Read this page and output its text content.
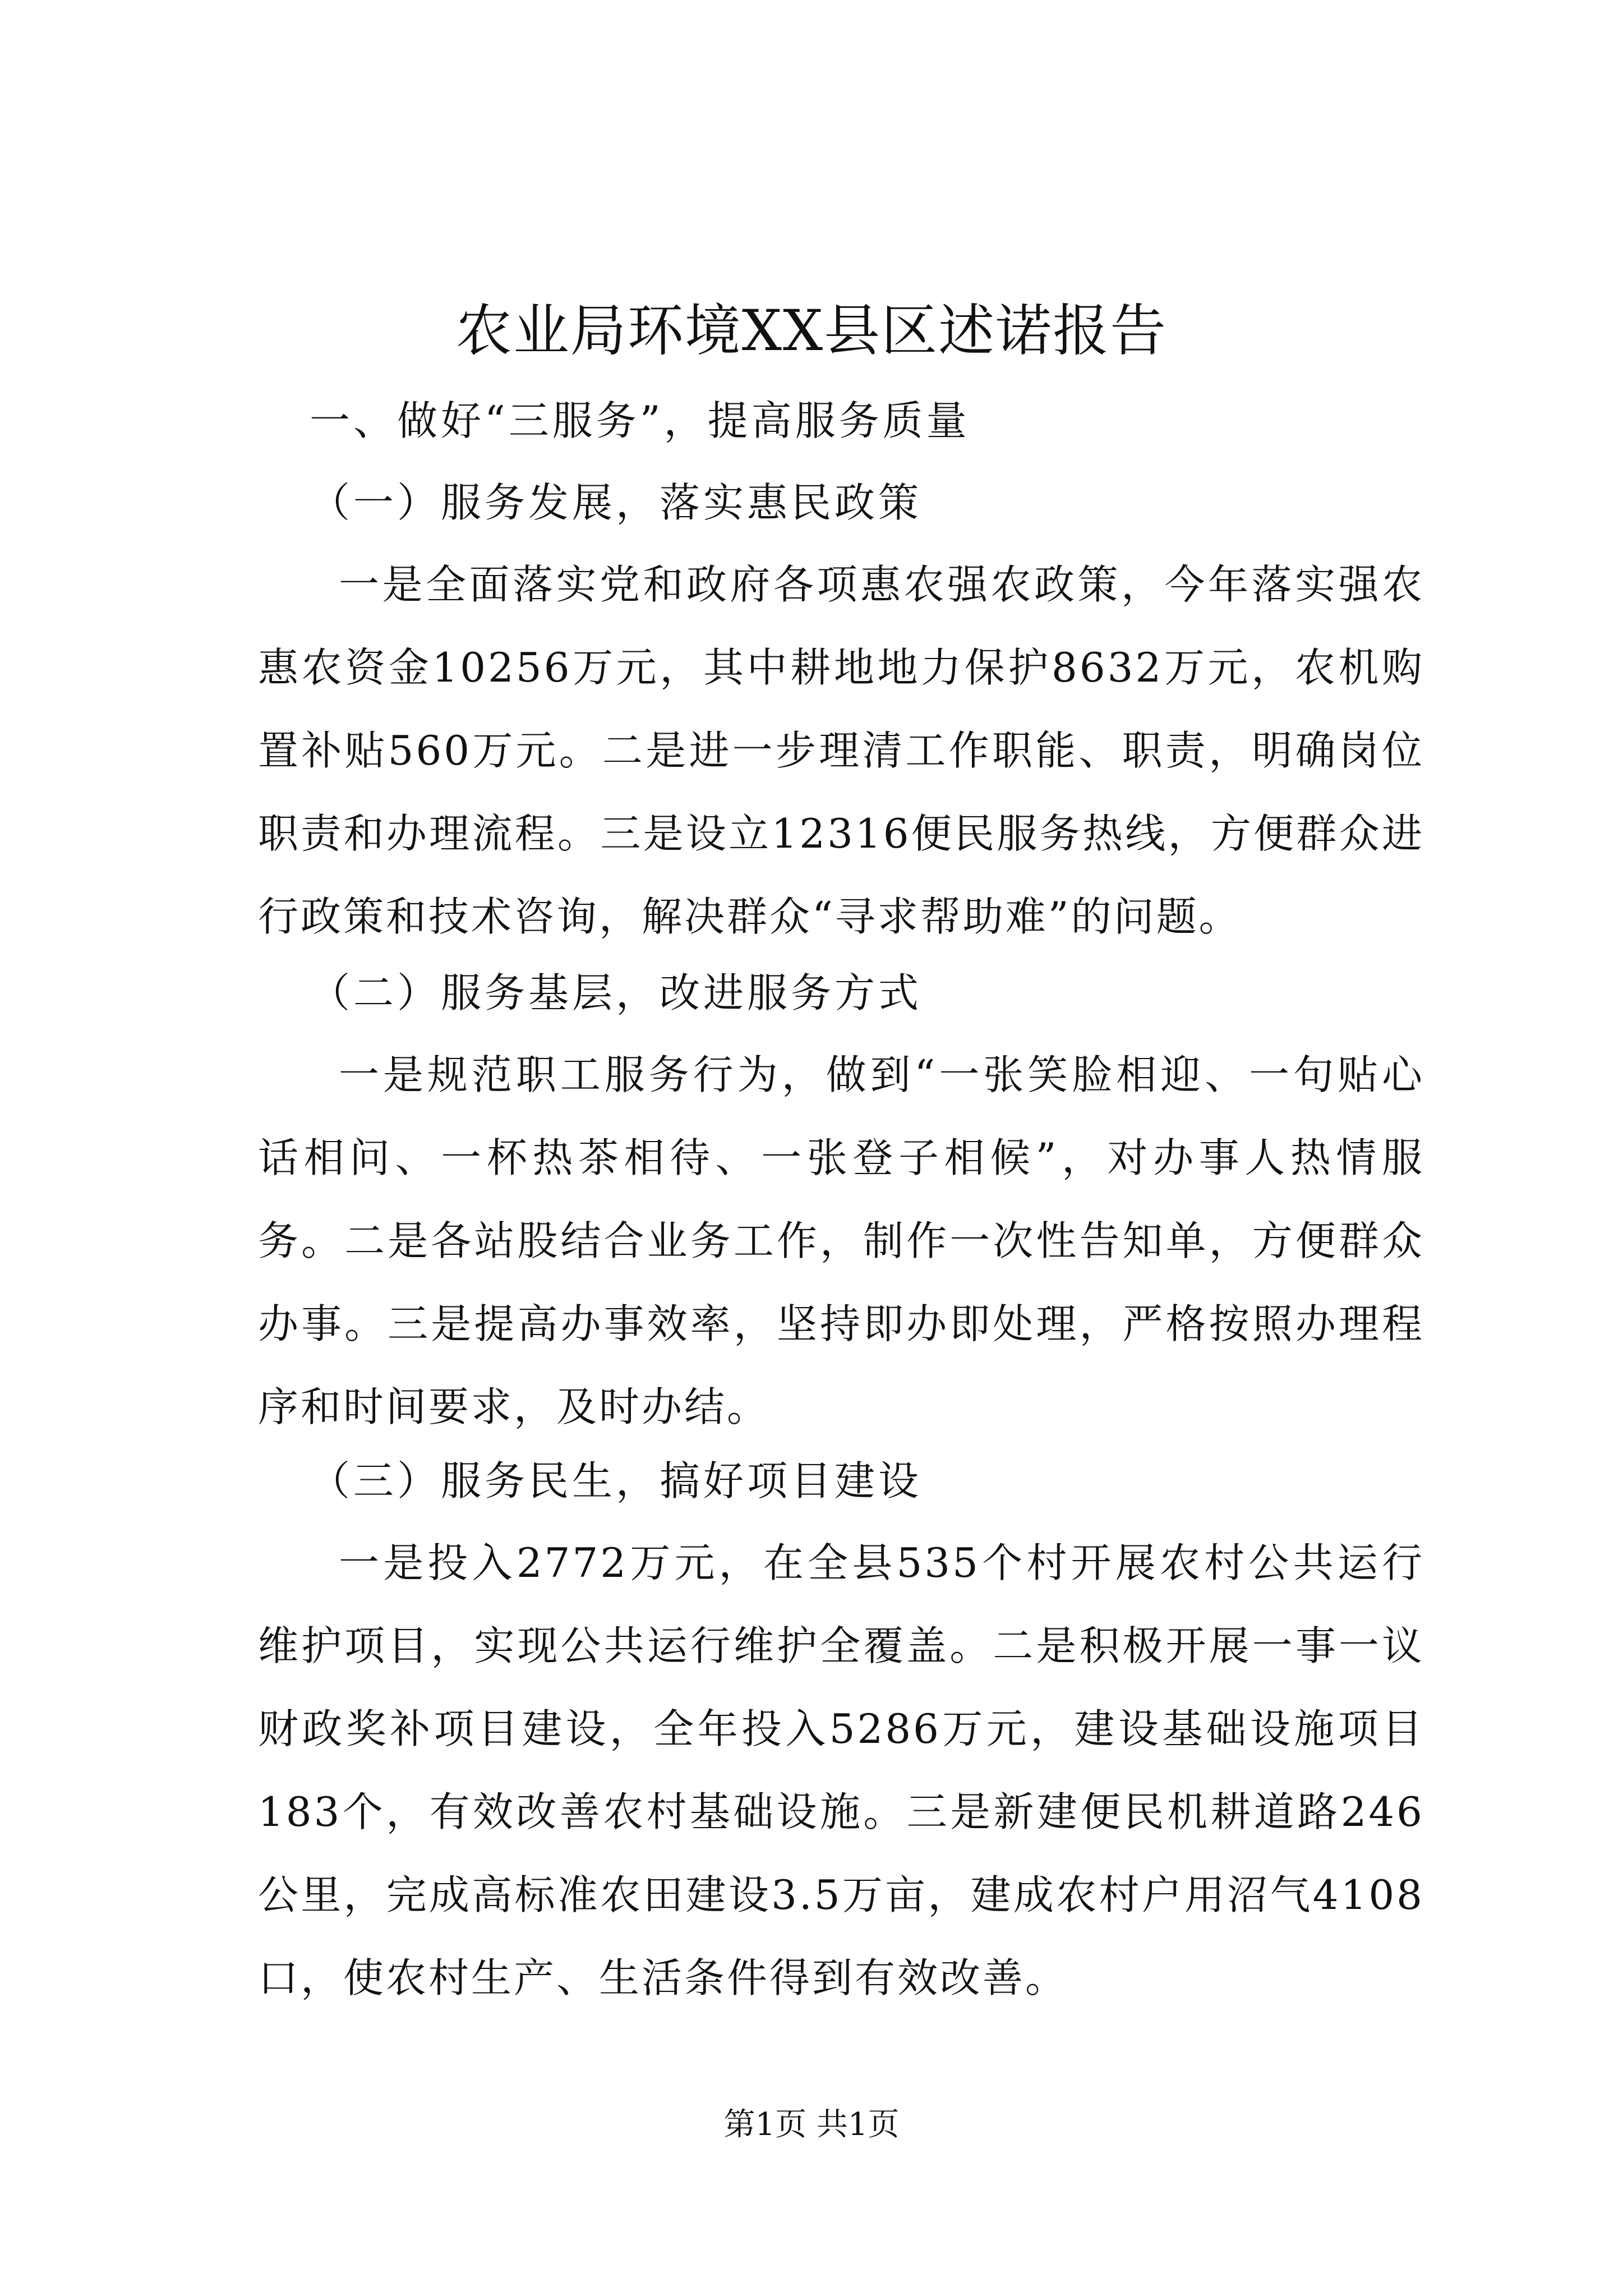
农业局环境XX县区述诺报告
一、做好“三服务”，提高服务质量
（一）服务发展，落实惠民政策

一是全面落实党和政府各项惠农强农政策，今年落实强农惠农资金10256万元，其中耕地地力保护8632万元，农机购置补贴560万元。二是进一步理清工作职能、职责，明确岗位职责和办理流程。三是设立12316便民服务热线，方便群众进行政策和技术咨询，解决群众“寻求帮助难”的问题。

（二）服务基层，改进服务方式

一是规范职工服务行为，做到“一张笑脸相迎、一句贴心话相问、一杯热茶相待、一张登子相候”，对办事人热情服务。二是各站股结合业务工作，制作一次性告知单，方便群众办事。三是提高办事效率，坚持即办即处理，严格按照办理程序和时间要求，及时办结。

（三）服务民生，搞好项目建设

一是投入2772万元，在全县535个村开展农村公共运行维护项目，实现公共运行维护全覆盖。二是积极开展一事一议财政奖补项目建设，全年投入5286万元，建设基础设施项目183个，有效改善农村基础设施。三是新建便民机耕道路246公里，完成高标准农田建设3.5万亩，建成农村户用沼气4108口，使农村生产、生活条件得到有效改善。

第1页 共1页
